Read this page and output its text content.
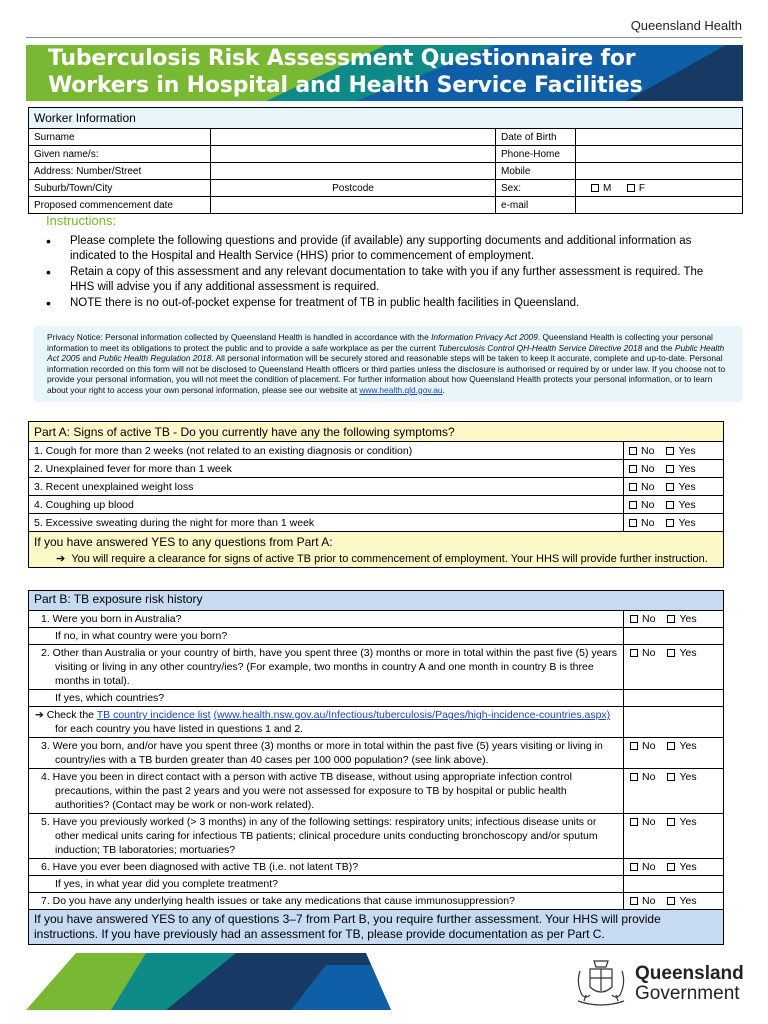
Queensland Health
Tuberculosis Risk Assessment Questionnaire for
Workers in Hospital and Health Service Facilities
Worker Information			
Surname		Date of Birth	
Given name/s:		Phone-Home	
Address: Number/Street		Mobile	
Suburb/Town/City	Postcode	Sex:	M F
Proposed commencement date		e-mail	
Instructions:
• Please complete the following questions and provide (if available) any supporting documents and additional information as indicated to the Hospital and Health Service (HHS) prior to commencement of employment.
• Retain a copy of this assessment and any relevant documentation to take with you if any further assessment is required. The HHS will advise you if any additional assessment is required.
• NOTE there is no out-of-pocket expense for treatment of TB in public health facilities in Queensland.
Privacy Notice: Personal information collected by Queensland Health is handled in accordance with the Information Privacy Act 2009. Queensland Health is collecting your personal information to meet its obligations to protect the public and to provide a safe workplace as per the current Tuberculosis Control QH-Health Service Directive 2018 and the Public Health Act 2005 and Public Health Regulation 2018. All personal information will be securely stored and reasonable steps will be taken to keep it accurate, complete and up-to-date. Personal information recorded on this form will not be disclosed to Queensland Health officers or third parties unless the disclosure is authorised or required by or under law. If you choose not to provide your personal information, you will not meet the condition of placement. For further information about how Queensland Health protects your personal information, or to learn about your right to access your own personal information, please see our website at www.health.qld.gov.au.
Part A: Signs of active TB - Do you currently have any the following symptoms?	
1. Cough for more than 2 weeks (not related to an existing diagnosis or condition)	No Yes
2. Unexplained fever for more than 1 week	No Yes
3. Recent unexplained weight loss	No Yes
4. Coughing up blood	No Yes
5. Excessive sweating during the night for more than 1 week	No Yes

If you have answered YES to any questions from Part A:
➔ You will require a clearance for signs of active TB prior to commencement of employment. Your HHS will provide further instruction.	
Part B: TB exposure risk history	
1. Were you born in Australia?	No Yes
If no, in what country were you born?	
2. Other than Australia or your country of birth, have you spent three (3) months or more in total within the past five (5) years visiting or living in any other country/ies? (For example, two months in country A and one month in country B is three months in total).	No Yes
If yes, which countries?	
➔ Check the TB country incidence list (www.health.nsw.gov.au/Infectious/tuberculosis/Pages/high-incidence-countries.aspx) for each country you have listed in questions 1 and 2.	
3. Were you born, and/or have you spent three (3) months or more in total within the past five (5) years visiting or living in country/ies with a TB burden greater than 40 cases per 100 000 population? (see link above).	No Yes
4. Have you been in direct contact with a person with active TB disease, without using appropriate infection control precautions, within the past 2 years and you were not assessed for exposure to TB by hospital or public health authorities? (Contact may be work or non-work related).	No Yes
5. Have you previously worked (> 3 months) in any of the following settings: respiratory units; infectious disease units or other medical units caring for infectious TB patients; clinical procedure units conducting bronchoscopy and/or sputum induction; TB laboratories; mortuaries?	No Yes
6. Have you ever been diagnosed with active TB (i.e. not latent TB)?	No Yes
If yes, in what year did you complete treatment?	
7. Do you have any underlying health issues or take any medications that cause immunosuppression?	No Yes
If you have answered YES to any of questions 3–7 from Part B, you require further assessment. Your HHS will provide instructions. If you have previously had an assessment for TB, please provide documentation as per Part C.	
Queensland
Government
